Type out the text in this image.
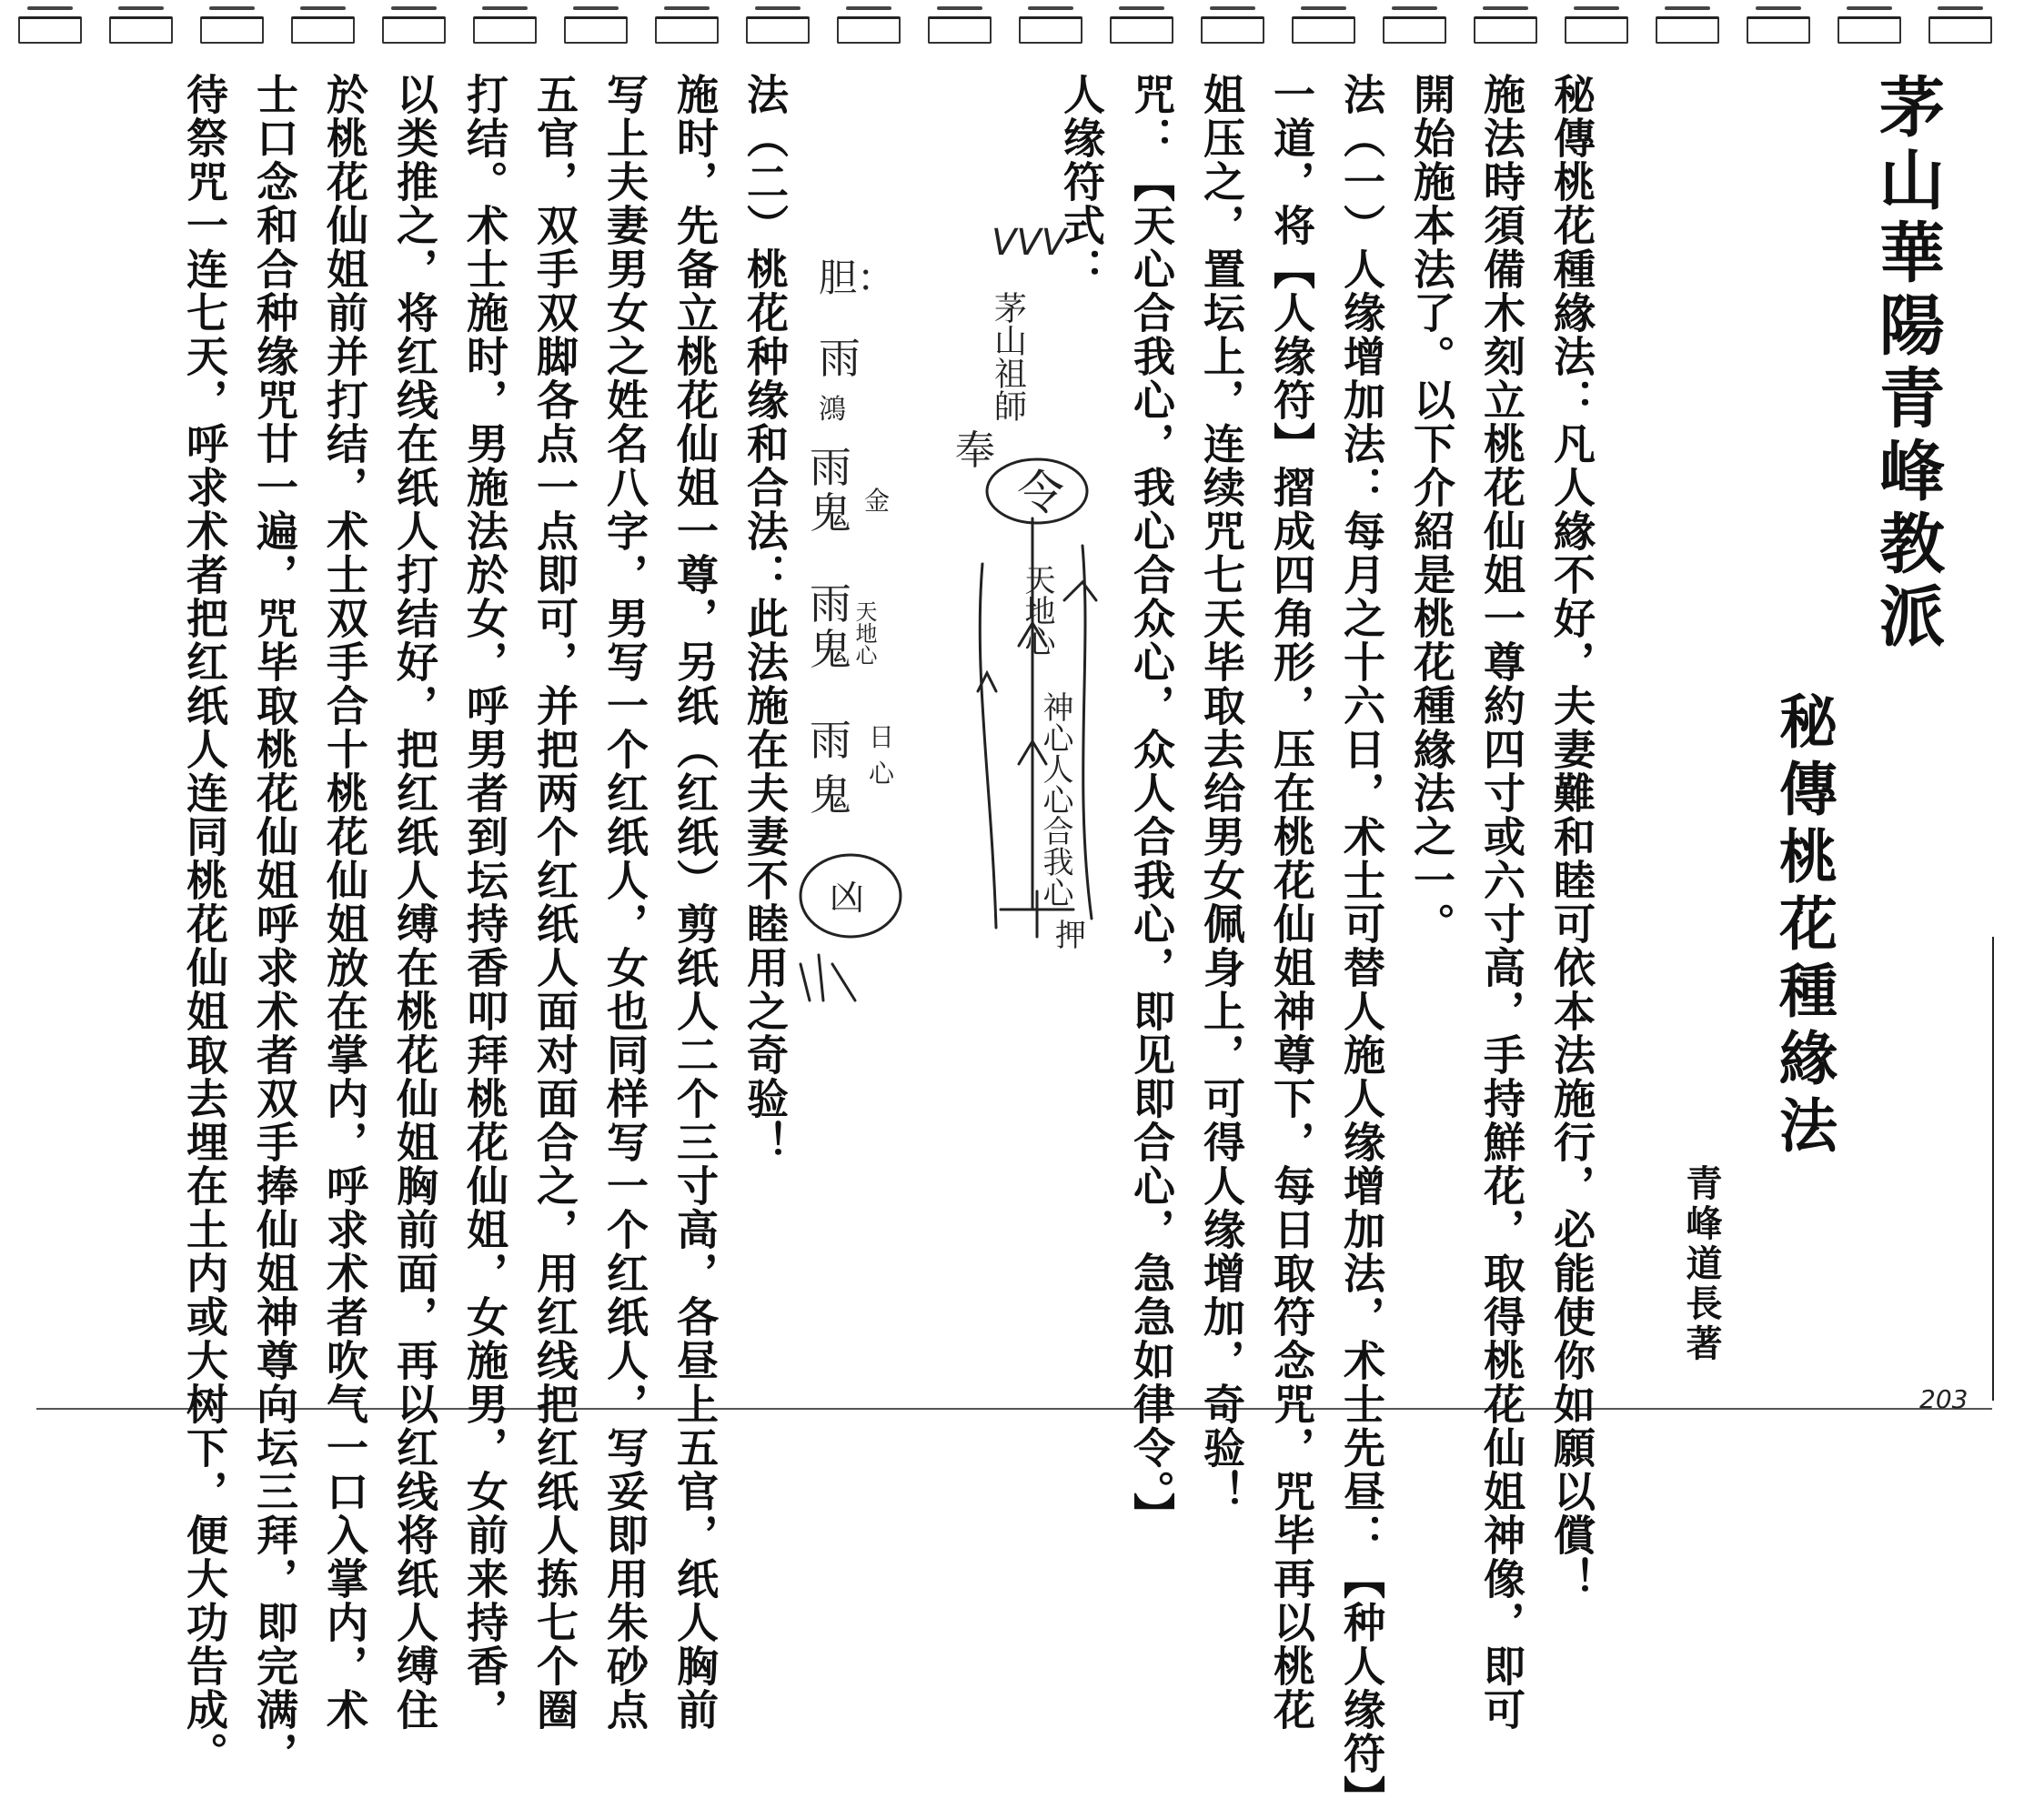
茅山華陽青峰教派
秘傳桃花種緣法
青峰道長著
203
秘傳桃花種緣法：凡人緣不好，夫妻難和睦可依本法施行，必能使你如願以償！
施法時須備木刻立桃花仙姐一尊約四寸或六寸高，手持鮮花，取得桃花仙姐神像，即可
開始施本法了。以下介紹是桃花種緣法之一。
法（一）人缘增加法：每月之十六日，术士可替人施人缘增加法，术士先昼：【种人缘符】
一道，将【人缘符】摺成四角形，压在桃花仙姐神尊下，每日取符念咒，咒毕再以桃花
姐压之，置坛上，连续咒七天毕取去给男女佩身上，可得人缘增加，奇验！
咒：【天心合我心，我心合众心，众人合我心，即见即合心，急急如律令。】
人缘符式：
法（二）桃花种缘和合法：此法施在夫妻不睦用之奇验！
施时，先备立桃花仙姐一尊，另纸（红纸）剪纸人二个三寸高，各昼上五官，纸人胸前
写上夫妻男女之姓名八字，男写一个红纸人，女也同样写一个红纸人，写妥即用朱砂点
五官，双手双脚各点一点即可，并把两个红纸人面对面合之，用红线把红纸人拣七个圈
打结。术士施时，男施法於女，呼男者到坛持香叩拜桃花仙姐，女施男，女前来持香，
以类推之，将红线在纸人打结好，把红纸人缚在桃花仙姐胸前面，再以红线将纸人缚住
於桃花仙姐前并打结，术士双手合十桃花仙姐放在掌内，呼求术者吹气一口入掌内，术
士口念和合种缘咒廿一遍，咒毕取桃花仙姐呼求术者双手捧仙姐神尊向坛三拜，即完满，
待祭咒一连七天，呼求术者把红纸人连同桃花仙姐取去埋在土内或大树下，便大功告成。	VVV
茅山祖師
奉
令
天地心
神心人心合我心
押
胆：
雨
鴻
雨
鬼 金
雨
鬼 天地心
雨
鬼
日
心
凶
